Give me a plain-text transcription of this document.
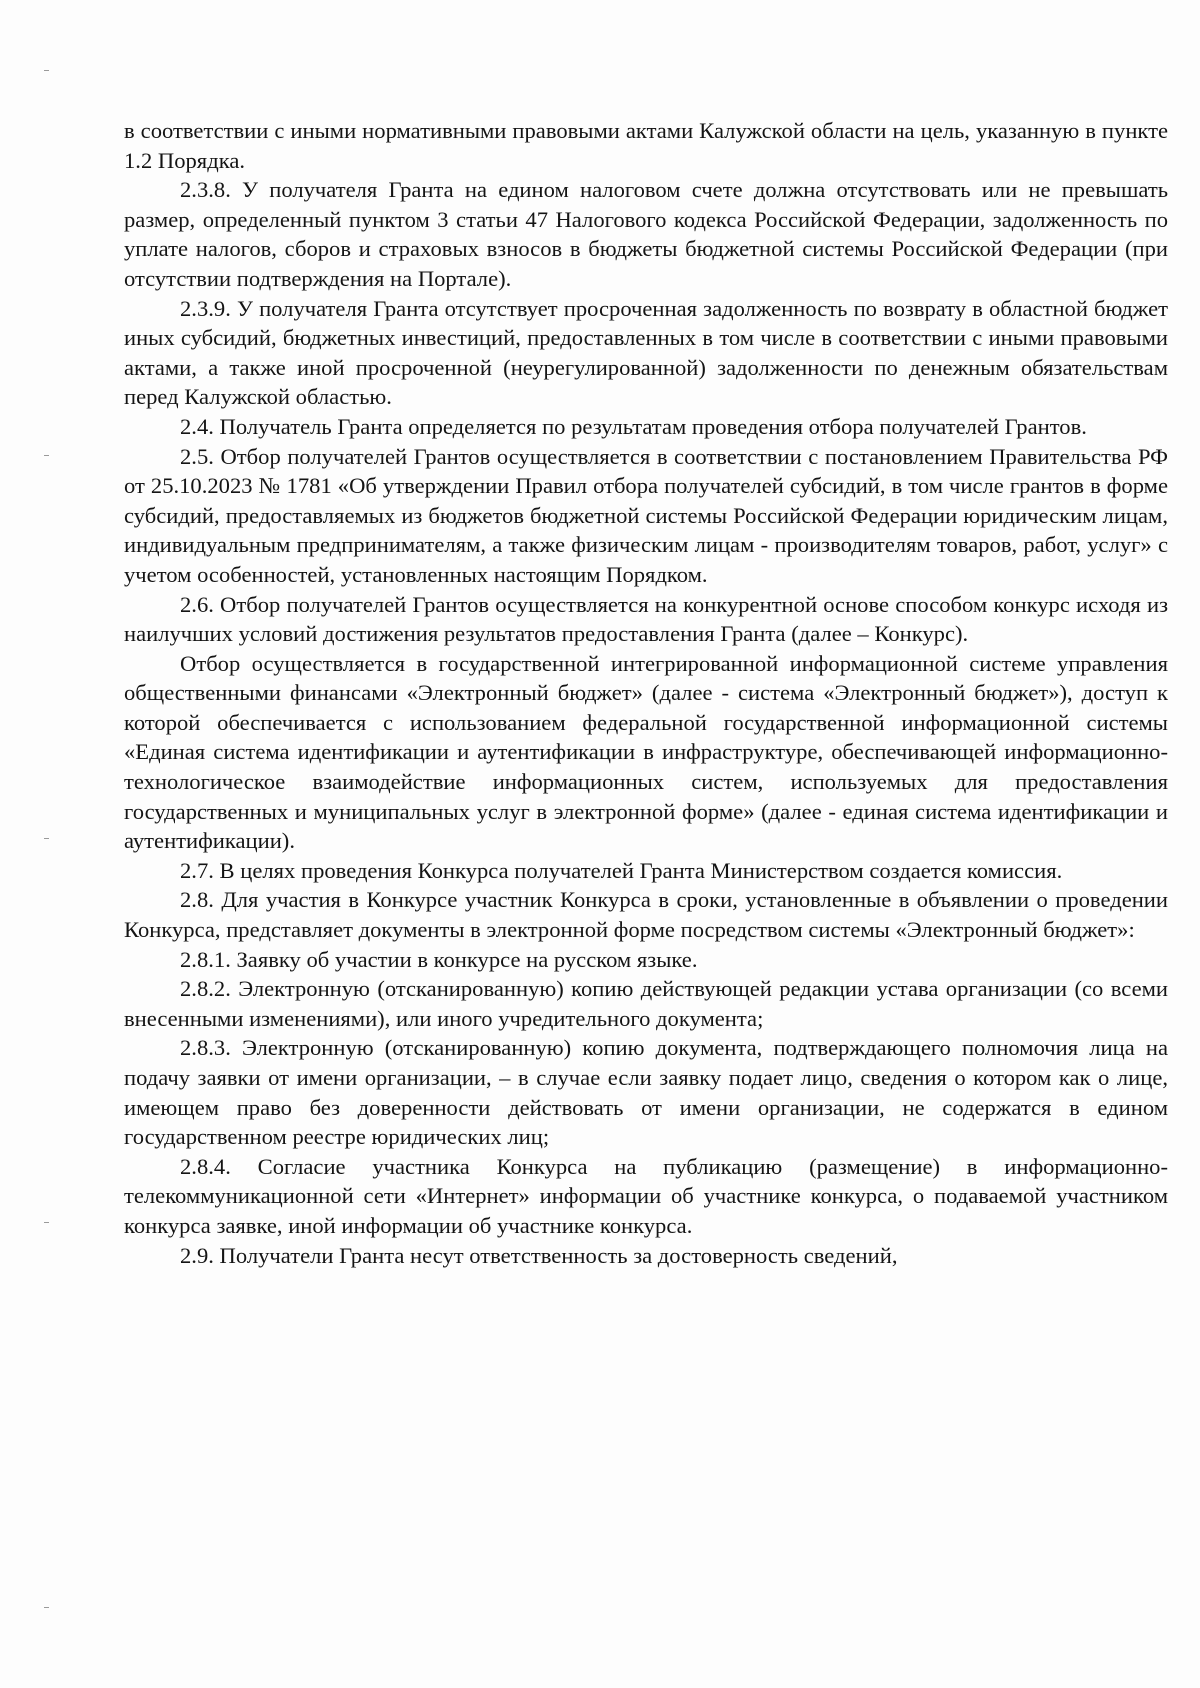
в соответствии с иными нормативными правовыми актами Калужской области на цель, указанную в пункте 1.2 Порядка.

2.3.8. У получателя Гранта на едином налоговом счете должна отсутствовать или не превышать размер, определенный пунктом 3 статьи 47 Налогового кодекса Российской Федерации, задолженность по уплате налогов, сборов и страховых взносов в бюджеты бюджетной системы Российской Федерации (при отсутствии подтверждения на Портале).

2.3.9. У получателя Гранта отсутствует просроченная задолженность по возврату в областной бюджет иных субсидий, бюджетных инвестиций, предоставленных в том числе в соответствии с иными правовыми актами, а также иной просроченной (неурегулированной) задолженности по денежным обязательствам перед Калужской областью.

2.4. Получатель Гранта определяется по результатам проведения отбора получателей Грантов.

2.5. Отбор получателей Грантов осуществляется в соответствии с постановлением Правительства РФ от 25.10.2023 № 1781 «Об утверждении Правил отбора получателей субсидий, в том числе грантов в форме субсидий, предоставляемых из бюджетов бюджетной системы Российской Федерации юридическим лицам, индивидуальным предпринимателям, а также физическим лицам - производителям товаров, работ, услуг» с учетом особенностей, установленных настоящим Порядком.

2.6. Отбор получателей Грантов осуществляется на конкурентной основе способом конкурс исходя из наилучших условий достижения результатов предоставления Гранта (далее – Конкурс).

Отбор осуществляется в государственной интегрированной информационной системе управления общественными финансами «Электронный бюджет» (далее - система «Электронный бюджет»), доступ к которой обеспечивается с использованием федеральной государственной информационной системы «Единая система идентификации и аутентификации в инфраструктуре, обеспечивающей информационно-технологическое взаимодействие информационных систем, используемых для предоставления государственных и муниципальных услуг в электронной форме» (далее - единая система идентификации и аутентификации).

2.7. В целях проведения Конкурса получателей Гранта Министерством создается комиссия.

2.8. Для участия в Конкурсе участник Конкурса в сроки, установленные в объявлении о проведении Конкурса, представляет документы в электронной форме посредством системы «Электронный бюджет»:

2.8.1. Заявку об участии в конкурсе на русском языке.

2.8.2. Электронную (отсканированную) копию действующей редакции устава организации (со всеми внесенными изменениями), или иного учредительного документа;

2.8.3. Электронную (отсканированную) копию документа, подтверждающего полномочия лица на подачу заявки от имени организации, – в случае если заявку подает лицо, сведения о котором как о лице, имеющем право без доверенности действовать от имени организации, не содержатся в едином государственном реестре юридических лиц;

2.8.4. Согласие участника Конкурса на публикацию (размещение) в информационно-телекоммуникационной сети «Интернет» информации об участнике конкурса, о подаваемой участником конкурса заявке, иной информации об участнике конкурса.

2.9. Получатели Гранта несут ответственность за достоверность сведений,
